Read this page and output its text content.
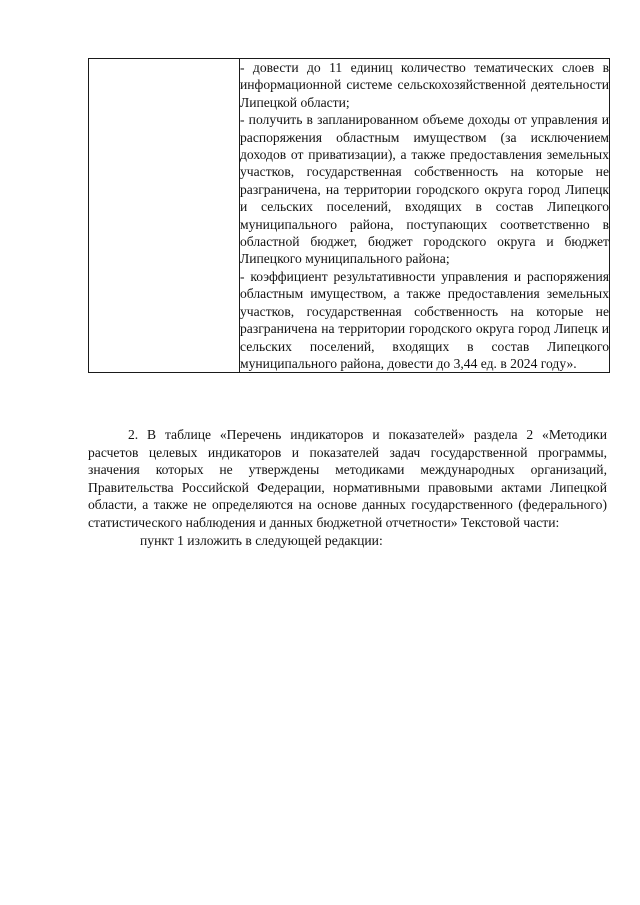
- довести до 11 единиц количество тематических слоев в информационной системе сельскохозяйственной деятельности Липецкой области;

- получить в запланированном объеме доходы от управления и распоряжения областным имуществом (за исключением доходов от приватизации), а также предоставления земельных участков, государственная собственность на которые не разграничена, на территории городского округа город Липецк и сельских поселений, входящих в состав Липецкого муниципального района, поступающих соответственно в областной бюджет, бюджет городского округа и бюджет Липецкого муниципального района;

- коэффициент результативности управления и распоряжения областным имуществом, а также предоставления земельных участков, государственная собственность на которые не разграничена на территории городского округа город Липецк и сельских поселений, входящих в состав Липецкого муниципального района, довести до 3,44 ед. в 2024 году».

2. В таблице «Перечень индикаторов и показателей» раздела 2 «Методики расчетов целевых индикаторов и показателей задач государственной программы, значения которых не утверждены методиками международных организаций, Правительства Российской Федерации, нормативными правовыми актами Липецкой области, а также не определяются на основе данных государственного (федерального) статистического наблюдения и данных бюджетной отчетности» Текстовой части:

пункт 1 изложить в следующей редакции:
